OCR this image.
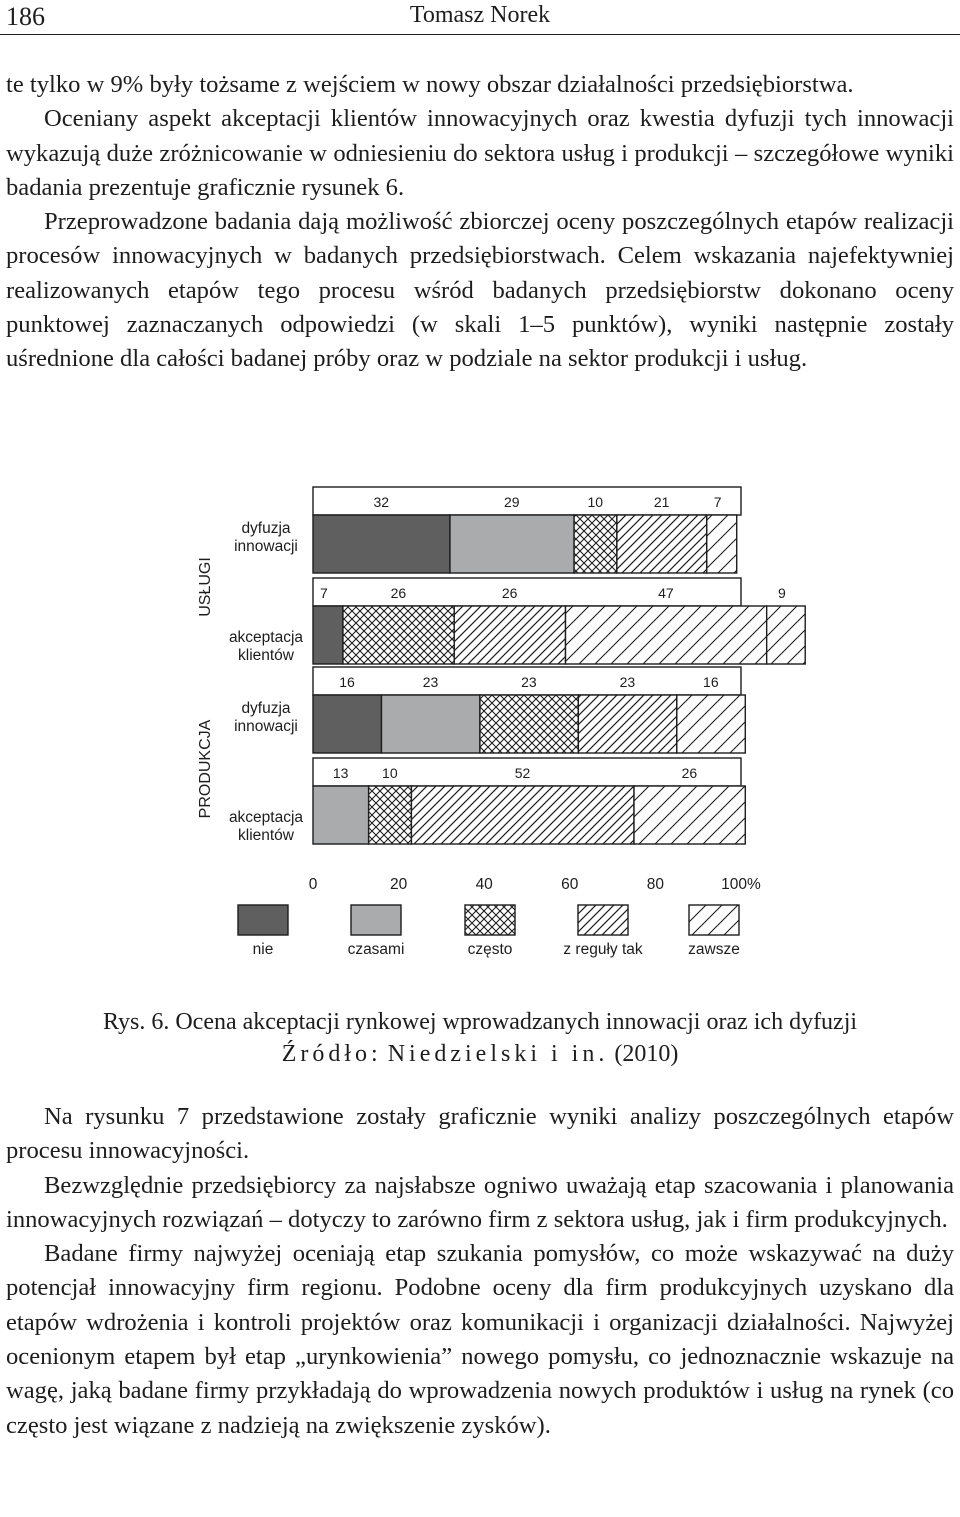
186	Tomasz Norek

te tylko w 9% były tożsame z wejściem w nowy obszar działalności przedsiębiorstwa.

Oceniany aspekt akceptacji klientów innowacyjnych oraz kwestia dyfuzji tych innowacji wykazują duże zróżnicowanie w odniesieniu do sektora usług i produkcji – szczegółowe wyniki badania prezentuje graficznie rysunek 6.

Przeprowadzone badania dają możliwość zbiorczej oceny poszczególnych etapów realizacji procesów innowacyjnych w badanych przedsiębiorstwach. Celem wskazania najefektywniej realizowanych etapów tego procesu wśród badanych przedsiębiorstw dokonano oceny punktowej zaznaczanych odpowiedzi (w skali 1–5 punktów), wyniki następnie zostały uśrednione dla całości badanej próby oraz w podziale na sektor produkcji i usług.

32	29	10	21	7
dyfuzja innowacji
7	26	26	47	9
akceptacja klientów
USŁUGI
16	23	23	23	16
dyfuzja innowacji
13 10	52	26
akceptacja klientów
PRODUKCJA
0	20	40	60	80	100%
nie	czasami	często	z reguły tak	zawsze
Rys. 6. Ocena akceptacji rynkowej wprowadzanych innowacji oraz ich dyfuzji
Źródło: Niedzielski i in. (2010)

Na rysunku 7 przedstawione zostały graficznie wyniki analizy poszczególnych etapów procesu innowacyjności.

Bezwzględnie przedsiębiorcy za najsłabsze ogniwo uważają etap szacowania i planowania innowacyjnych rozwiązań – dotyczy to zarówno firm z sektora usług, jak i firm produkcyjnych.

Badane firmy najwyżej oceniają etap szukania pomysłów, co może wskazywać na duży potencjał innowacyjny firm regionu. Podobne oceny dla firm produkcyjnych uzyskano dla etapów wdrożenia i kontroli projektów oraz komunikacji i organizacji działalności. Najwyżej ocenionym etapem był etap „urynkowienia” nowego pomysłu, co jednoznacznie wskazuje na wagę, jaką badane firmy przykładają do wprowadzenia nowych produktów i usług na rynek (co często jest wiązane z nadzieją na zwiększenie zysków).
